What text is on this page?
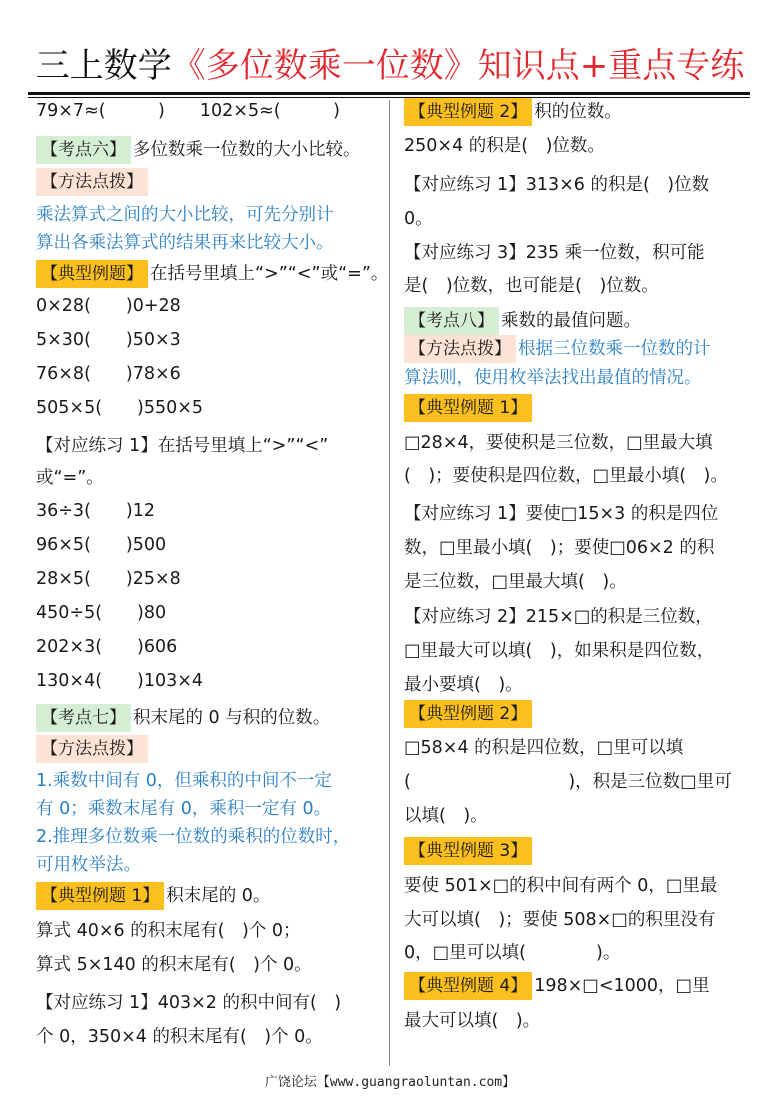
三上数学《多位数乘一位数》知识点+重点专练
79×7≈(　　　)　　102×5≈(　　　)
【考点六】 多位数乘一位数的大小比较。
【方法点拨】
乘法算式之间的大小比较，可先分别计
算出各乘法算式的结果再来比较大小。
【典型例题】 在括号里填上“>”“<”或“=”。
0×28(　　)0+28
5×30(　　)50×3
76×8(　　)78×6
505×5(　　)550×5
【对应练习 1】在括号里填上“>”“<”
或“=”。
36÷3(　　)12
96×5(　　)500
28×5(　　)25×8
450÷5(　　)80
202×3(　　)606
130×4(　　)103×4
【考点七】 积末尾的 0 与积的位数。
【方法点拨】
1.乘数中间有 0，但乘积的中间不一定
有 0；乘数末尾有 0，乘积一定有 0。
2.推理多位数乘一位数的乘积的位数时，
可用枚举法。
【典型例题 1】 积末尾的 0。
算式 40×6 的积末尾有(　)个 0；
算式 5×140 的积末尾有(　)个 0。
【对应练习 1】403×2 的积中间有(　)
个 0，350×4 的积末尾有(　)个 0。
【典型例题 2】 积的位数。
250×4 的积是(　)位数。
【对应练习 1】313×6 的积是(　)位数
0。
【对应练习 3】235 乘一位数，积可能
是(　)位数，也可能是(　)位数。
【考点八】 乘数的最值问题。
【方法点拨】 根据三位数乘一位数的计
算法则，使用枚举法找出最值的情况。
【典型例题 1】
□28×4，要使积是三位数，□里最大填
(　)；要使积是四位数，□里最小填(　)。
【对应练习 1】要使□15×3 的积是四位
数，□里最小填(　)；要使□06×2 的积
是三位数，□里最大填(　)。
【对应练习 2】215×□的积是三位数，
□里最大可以填(　)，如果积是四位数，
最小要填(　)。
【典型例题 2】
□58×4 的积是四位数，□里可以填
(　　　　　　　　　)，积是三位数□里可
以填(　)。
【典型例题 3】
要使 501×□的积中间有两个 0，□里最
大可以填(　)；要使 508×□的积里没有
0，□里可以填(　　　　)。
【典型例题 4】 198×□<1000，□里
最大可以填(　)。
广饶论坛【www.guangraoluntan.com】
